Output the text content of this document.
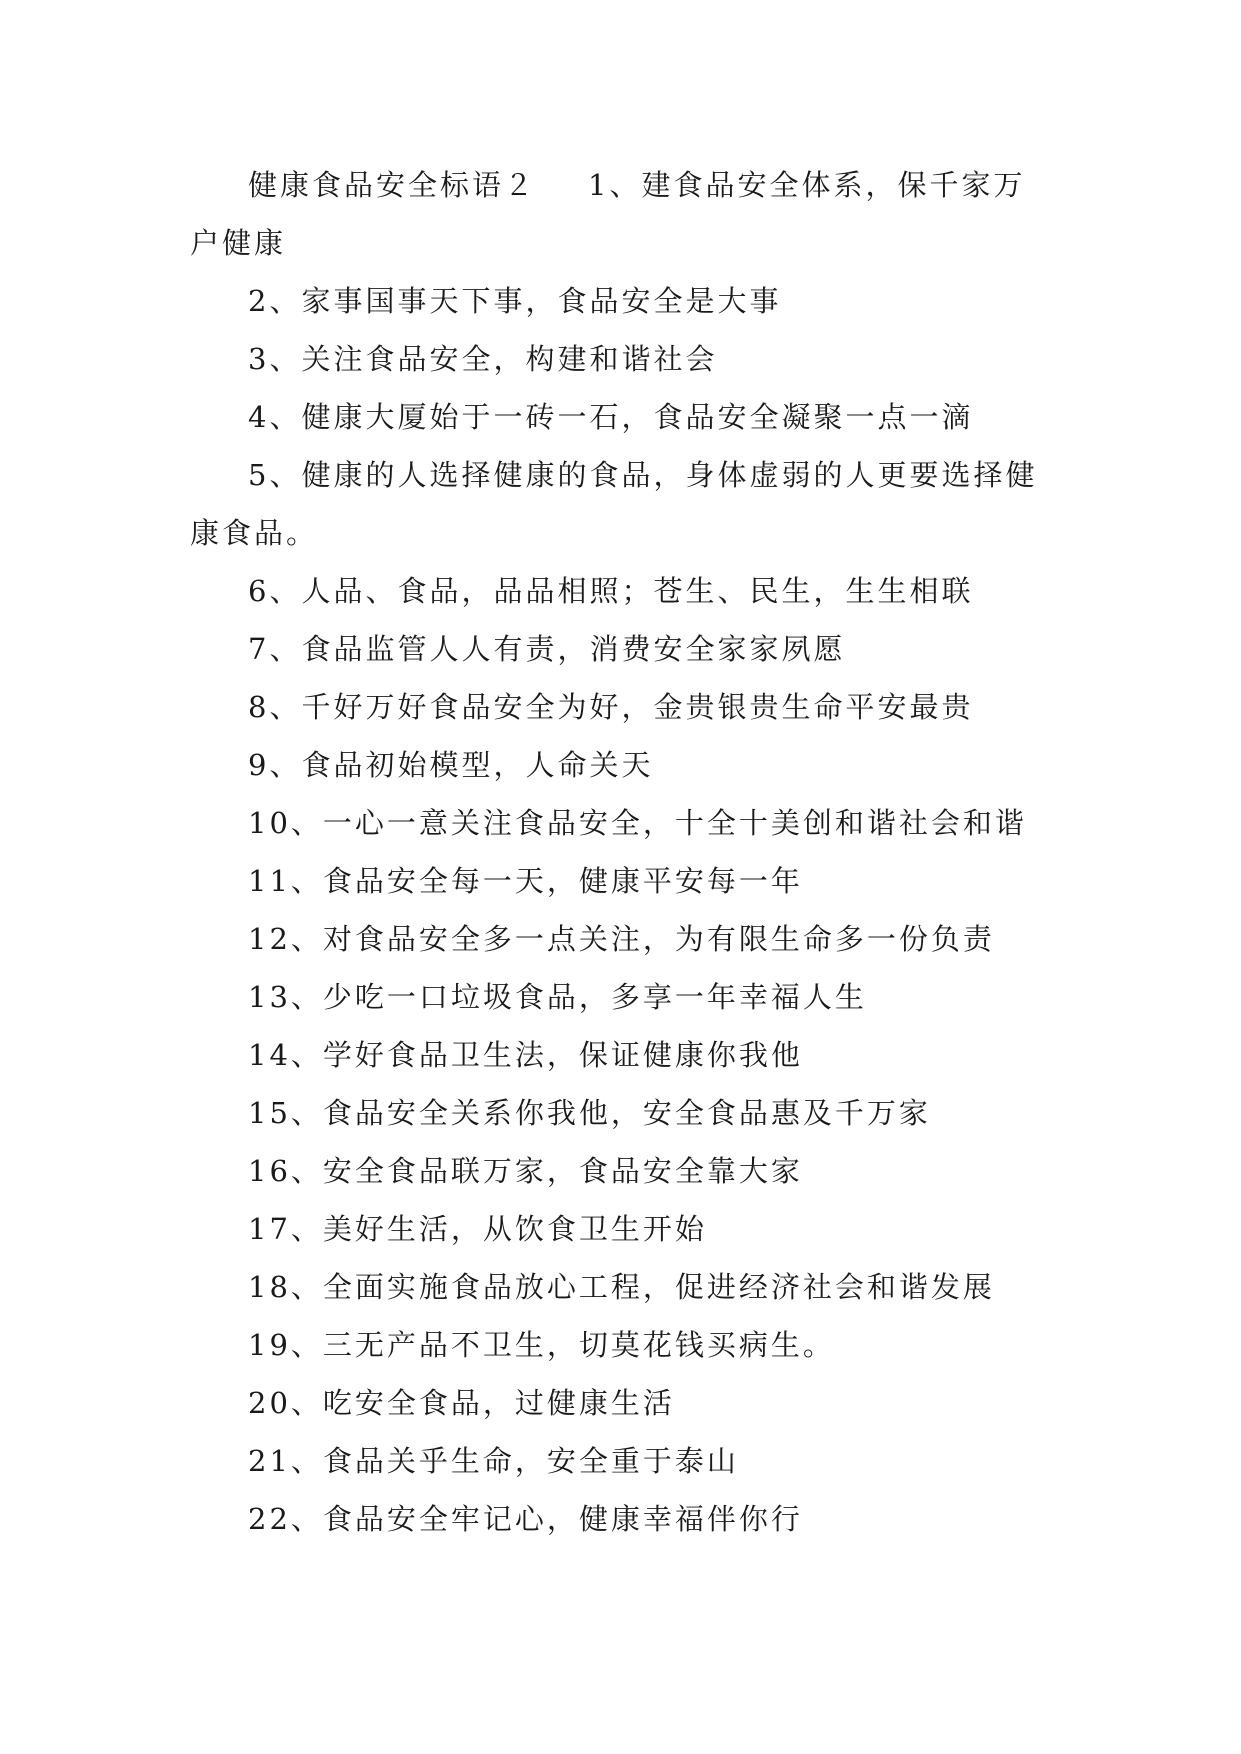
健康食品安全标语２ 1、建食品安全体系，保千家万户健康

2、家事国事天下事，食品安全是大事

3、关注食品安全，构建和谐社会

4、健康大厦始于一砖一石，食品安全凝聚一点一滴

5、健康的人选择健康的食品，身体虚弱的人更要选择健康食品。

6、人品、食品，品品相照；苍生、民生，生生相联

7、食品监管人人有责，消费安全家家夙愿

8、千好万好食品安全为好，金贵银贵生命平安最贵

9、食品初始模型，人命关天

10、一心一意关注食品安全，十全十美创和谐社会和谐

11、食品安全每一天，健康平安每一年

12、对食品安全多一点关注，为有限生命多一份负责

13、少吃一口垃圾食品，多享一年幸福人生

14、学好食品卫生法，保证健康你我他

15、食品安全关系你我他，安全食品惠及千万家

16、安全食品联万家，食品安全靠大家

17、美好生活，从饮食卫生开始

18、全面实施食品放心工程，促进经济社会和谐发展

19、三无产品不卫生，切莫花钱买病生。

20、吃安全食品，过健康生活

21、食品关乎生命，安全重于泰山

22、食品安全牢记心，健康幸福伴你行
